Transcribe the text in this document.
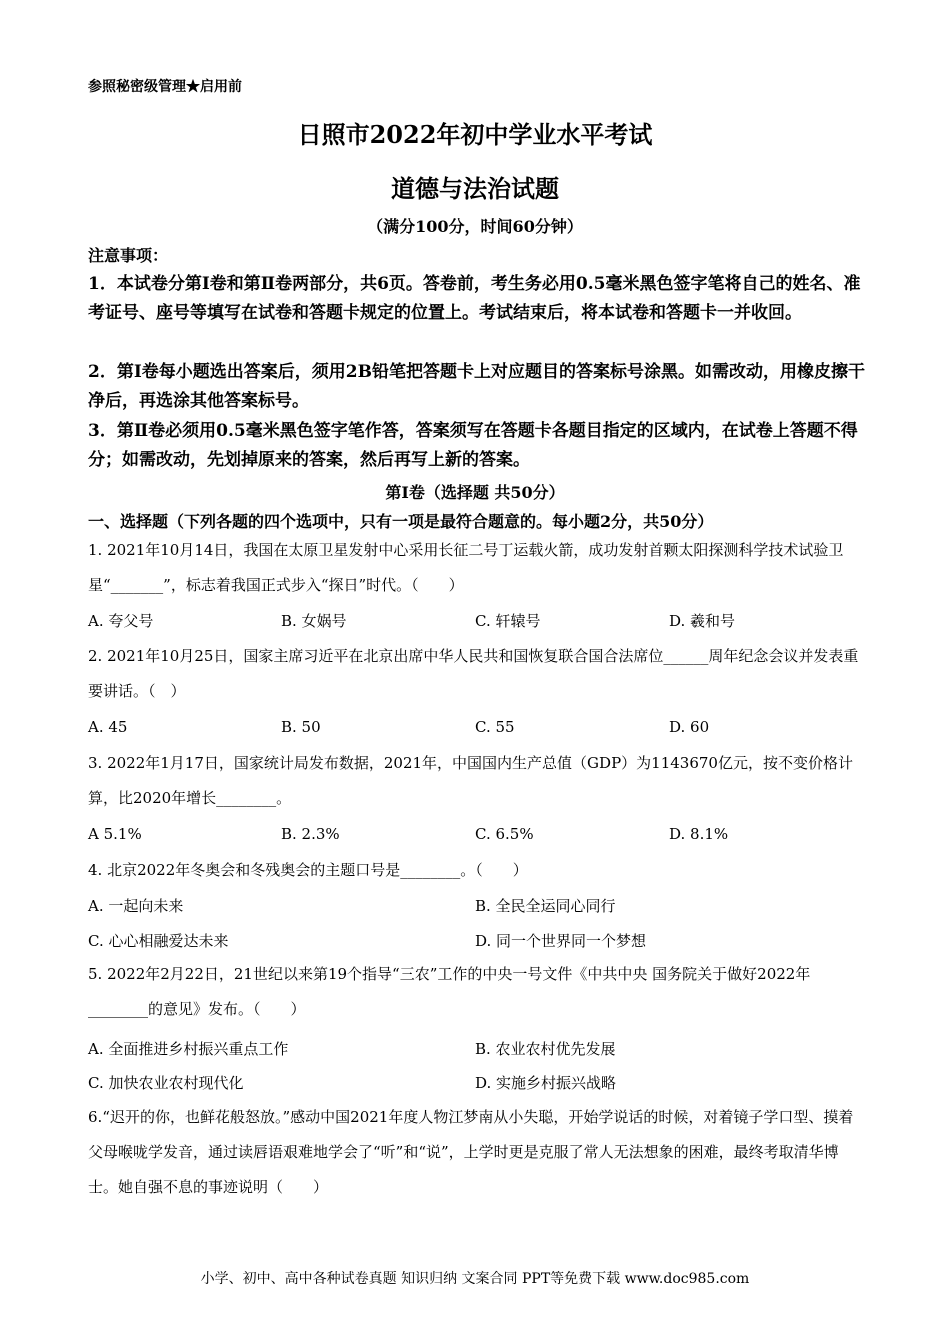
参照秘密级管理★启用前
日照市2022年初中学业水平考试
道德与法治试题
（满分100分，时间60分钟）
注意事项：
1．本试卷分第Ⅰ卷和第Ⅱ卷两部分，共6页。答卷前，考生务必用0.5毫米黑色签字笔将自己的姓名、准考证号、座号等填写在试卷和答题卡规定的位置上。考试结束后，将本试卷和答题卡一并收回。
2．第Ⅰ卷每小题选出答案后，须用2B铅笔把答题卡上对应题目的答案标号涂黑。如需改动，用橡皮擦干净后，再选涂其他答案标号。
3．第Ⅱ卷必须用0.5毫米黑色签字笔作答，答案须写在答题卡各题目指定的区域内，在试卷上答题不得分；如需改动，先划掉原来的答案，然后再写上新的答案。
第Ⅰ卷（选择题 共50分）
一、选择题（下列各题的四个选项中，只有一项是最符合题意的。每小题2分，共50分）
1. 2021年10月14日，我国在太原卫星发射中心采用长征二号丁运载火箭，成功发射首颗太阳探测科学技术试验卫星“_______”，标志着我国正式步入“探日”时代。（　　）
A. 夸父号	B. 女娲号	C. 轩辕号	D. 羲和号
2. 2021年10月25日，国家主席习近平在北京出席中华人民共和国恢复联合国合法席位______周年纪念会议并发表重要讲话。（　）
A. 45	B. 50	C. 55	D. 60
3. 2022年1月17日，国家统计局发布数据，2021年，中国国内生产总值（GDP）为1143670亿元，按不变价格计算，比2020年增长________。
A 5.1%	B. 2.3%	C. 6.5%	D. 8.1%
4. 北京2022年冬奥会和冬残奥会的主题口号是________。（　　）
A. 一起向未来	B. 全民全运同心同行
C. 心心相融爱达未来	D. 同一个世界同一个梦想
5. 2022年2月22日，21世纪以来第19个指导“三农”工作的中央一号文件《中共中央 国务院关于做好2022年________的意见》发布。（　　）
A. 全面推进乡村振兴重点工作	B. 农业农村优先发展
C. 加快农业农村现代化	D. 实施乡村振兴战略
6.“迟开的你，也鲜花般怒放。”感动中国2021年度人物江梦南从小失聪，开始学说话的时候，对着镜子学口型、摸着父母喉咙学发音，通过读唇语艰难地学会了“听”和“说”，上学时更是克服了常人无法想象的困难，最终考取清华博士。她自强不息的事迹说明（　　）
小学、初中、高中各种试卷真题 知识归纳 文案合同 PPT等免费下载 www.doc985.com
